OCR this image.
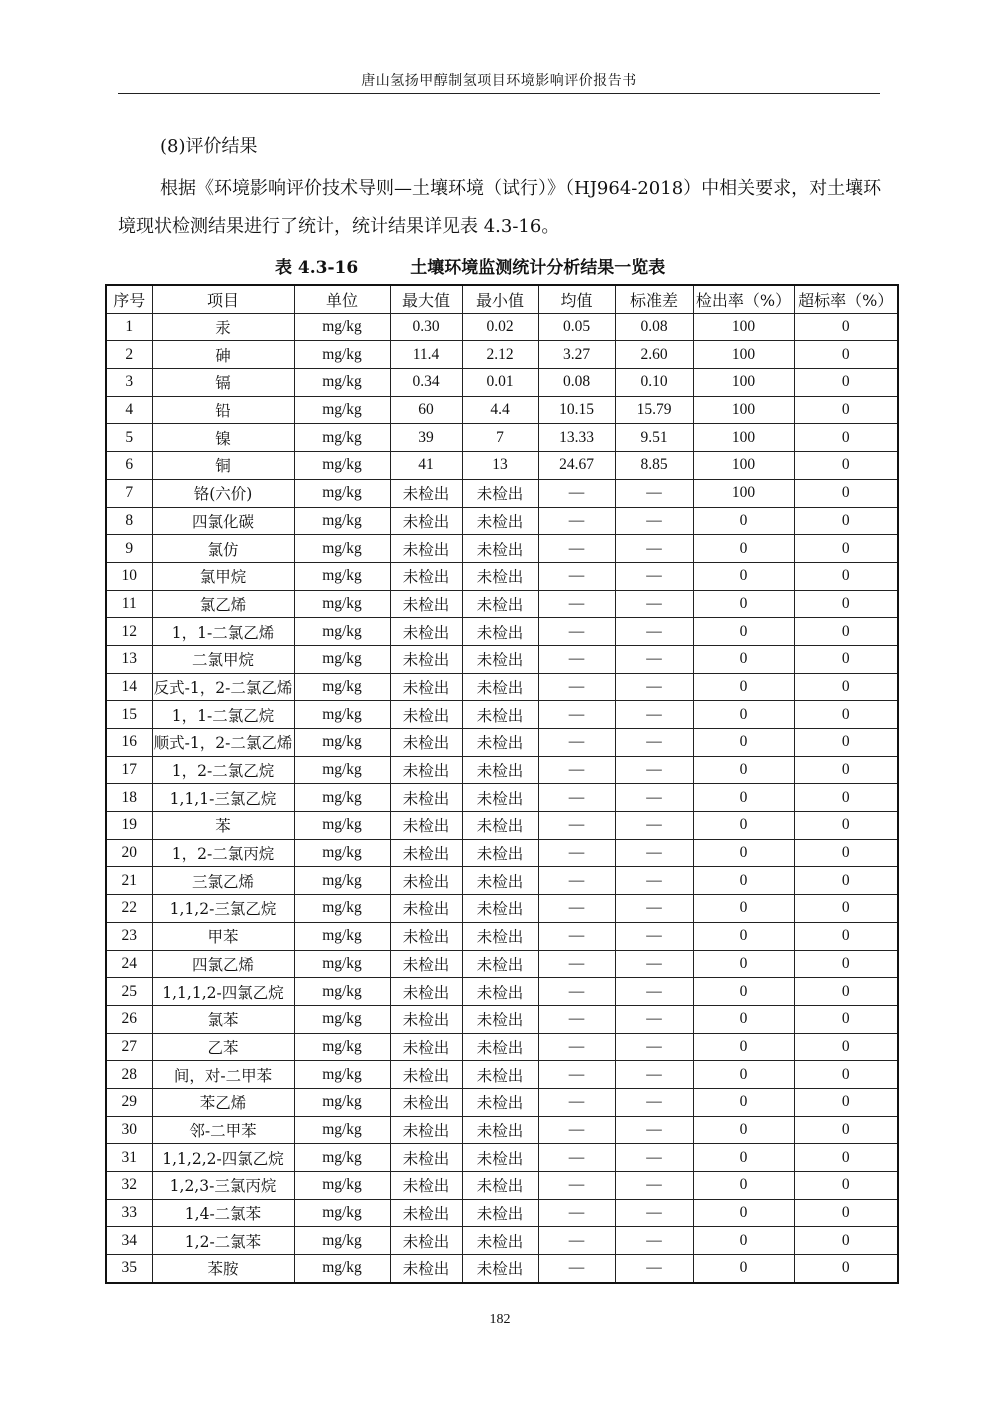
唐山氢扬甲醇制氢项目环境影响评价报告书
(8)评价结果
根据《环境影响评价技术导则—土壤环境（试行）》（HJ964-2018）中相关要求，对土壤环境现状检测结果进行了统计，统计结果详见表 4.3-16。
表 4.3-16	土壤环境监测统计分析结果一览表
序号	项目	单位	最大值	最小值	均值	标准差	检出率（%）	超标率（%）
1	汞	mg/kg	0.30	0.02	0.05	0.08	100	0
2	砷	mg/kg	11.4	2.12	3.27	2.60	100	0
3	镉	mg/kg	0.34	0.01	0.08	0.10	100	0
4	铅	mg/kg	60	4.4	10.15	15.79	100	0
5	镍	mg/kg	39	7	13.33	9.51	100	0
6	铜	mg/kg	41	13	24.67	8.85	100	0
7	铬(六价)	mg/kg	未检出	未检出	—	—	100	0
8	四氯化碳	mg/kg	未检出	未检出	—	—	0	0
9	氯仿	mg/kg	未检出	未检出	—	—	0	0
10	氯甲烷	mg/kg	未检出	未检出	—	—	0	0
11	氯乙烯	mg/kg	未检出	未检出	—	—	0	0
12	1，1-二氯乙烯	mg/kg	未检出	未检出	—	—	0	0
13	二氯甲烷	mg/kg	未检出	未检出	—	—	0	0
14	反式-1，2-二氯乙烯	mg/kg	未检出	未检出	—	—	0	0
15	1，1-二氯乙烷	mg/kg	未检出	未检出	—	—	0	0
16	顺式-1，2-二氯乙烯	mg/kg	未检出	未检出	—	—	0	0
17	1，2-二氯乙烷	mg/kg	未检出	未检出	—	—	0	0
18	1,1,1-三氯乙烷	mg/kg	未检出	未检出	—	—	0	0
19	苯	mg/kg	未检出	未检出	—	—	0	0
20	1，2-二氯丙烷	mg/kg	未检出	未检出	—	—	0	0
21	三氯乙烯	mg/kg	未检出	未检出	—	—	0	0
22	1,1,2-三氯乙烷	mg/kg	未检出	未检出	—	—	0	0
23	甲苯	mg/kg	未检出	未检出	—	—	0	0
24	四氯乙烯	mg/kg	未检出	未检出	—	—	0	0
25	1,1,1,2-四氯乙烷	mg/kg	未检出	未检出	—	—	0	0
26	氯苯	mg/kg	未检出	未检出	—	—	0	0
27	乙苯	mg/kg	未检出	未检出	—	—	0	0
28	间，对-二甲苯	mg/kg	未检出	未检出	—	—	0	0
29	苯乙烯	mg/kg	未检出	未检出	—	—	0	0
30	邻-二甲苯	mg/kg	未检出	未检出	—	—	0	0
31	1,1,2,2-四氯乙烷	mg/kg	未检出	未检出	—	—	0	0
32	1,2,3-三氯丙烷	mg/kg	未检出	未检出	—	—	0	0
33	1,4-二氯苯	mg/kg	未检出	未检出	—	—	0	0
34	1,2-二氯苯	mg/kg	未检出	未检出	—	—	0	0
35	苯胺	mg/kg	未检出	未检出	—	—	0	0
182
